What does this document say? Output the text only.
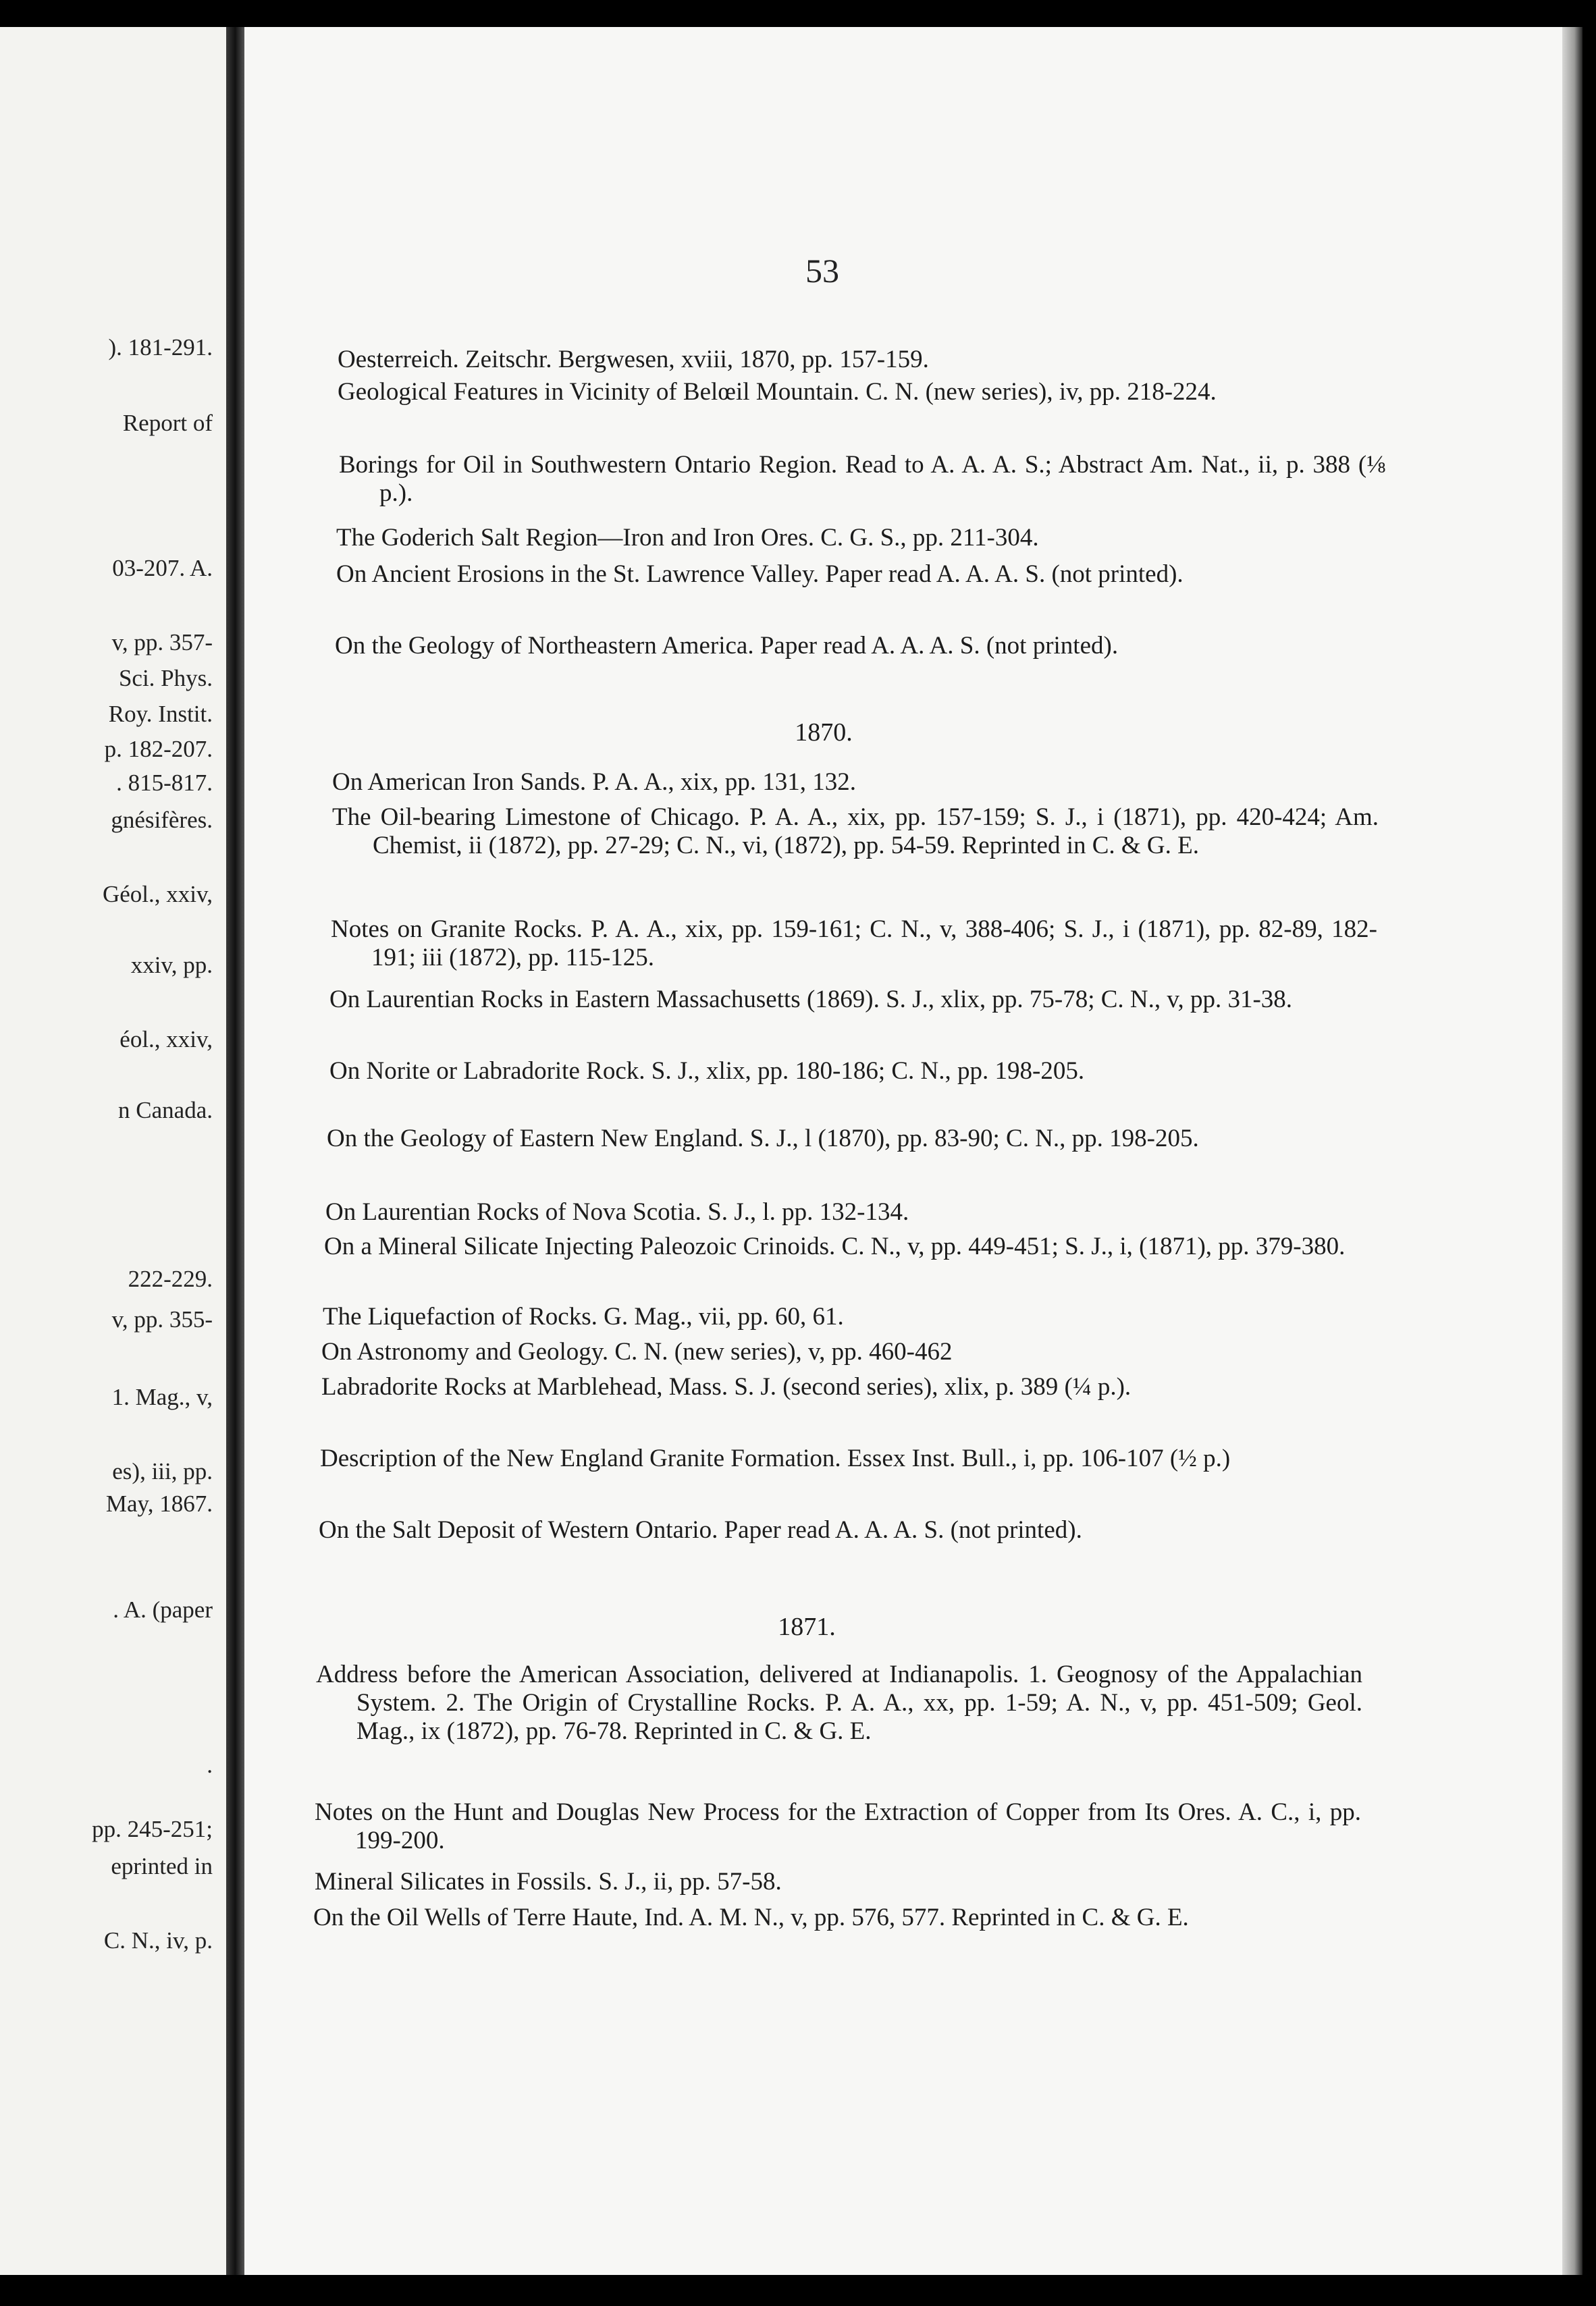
). 181-291.
Report of
03-207. A.
v, pp. 357-
Sci. Phys.
Roy. Instit.
p. 182-207.
. 815-817.
gnésifères.
Géol., xxiv,
xxiv, pp.
éol., xxiv,
n Canada.
222-229.
v, pp. 355-
1. Mag., v,
es), iii, pp.
May, 1867.
. A. (paper
.
pp. 245-251;
eprinted in
C. N., iv, p.
53
Oesterreich. Zeitschr. Bergwesen, xviii, 1870, pp. 157-159.
Geological Features in Vicinity of Belœil Mountain. C. N. (new series), iv, pp. 218-224.
Borings for Oil in Southwestern Ontario Region. Read to A. A. A. S.; Abstract Am. Nat., ii, p. 388 (⅛ p.).
The Goderich Salt Region—Iron and Iron Ores. C. G. S., pp. 211-304.
On Ancient Erosions in the St. Lawrence Valley. Paper read A. A. A. S. (not printed).
On the Geology of Northeastern America. Paper read A. A. A. S. (not printed).
1870.
On American Iron Sands. P. A. A., xix, pp. 131, 132.
The Oil-bearing Limestone of Chicago. P. A. A., xix, pp. 157-159; S. J., i (1871), pp. 420-424; Am. Chemist, ii (1872), pp. 27-29; C. N., vi, (1872), pp. 54-59. Reprinted in C. & G. E.
Notes on Granite Rocks. P. A. A., xix, pp. 159-161; C. N., v, 388-406; S. J., i (1871), pp. 82-89, 182-191; iii (1872), pp. 115-125.
On Laurentian Rocks in Eastern Massachusetts (1869). S. J., xlix, pp. 75-78; C. N., v, pp. 31-38.
On Norite or Labradorite Rock. S. J., xlix, pp. 180-186; C. N., pp. 198-205.
On the Geology of Eastern New England. S. J., l (1870), pp. 83-90; C. N., pp. 198-205.
On Laurentian Rocks of Nova Scotia. S. J., l. pp. 132-134.
On a Mineral Silicate Injecting Paleozoic Crinoids. C. N., v, pp. 449-451; S. J., i, (1871), pp. 379-380.
The Liquefaction of Rocks. G. Mag., vii, pp. 60, 61.
On Astronomy and Geology. C. N. (new series), v, pp. 460-462
Labradorite Rocks at Marblehead, Mass. S. J. (second series), xlix, p. 389 (¼ p.).
Description of the New England Granite Formation. Essex Inst. Bull., i, pp. 106-107 (½ p.)
On the Salt Deposit of Western Ontario. Paper read A. A. A. S. (not printed).
1871.
Address before the American Association, delivered at Indianapolis. 1. Geognosy of the Appalachian System. 2. The Origin of Crystalline Rocks. P. A. A., xx, pp. 1-59; A. N., v, pp. 451-509; Geol. Mag., ix (1872), pp. 76-78. Reprinted in C. & G. E.
Notes on the Hunt and Douglas New Process for the Extraction of Copper from Its Ores. A. C., i, pp. 199-200.
Mineral Silicates in Fossils. S. J., ii, pp. 57-58.
On the Oil Wells of Terre Haute, Ind. A. M. N., v, pp. 576, 577. Reprinted in C. & G. E.
